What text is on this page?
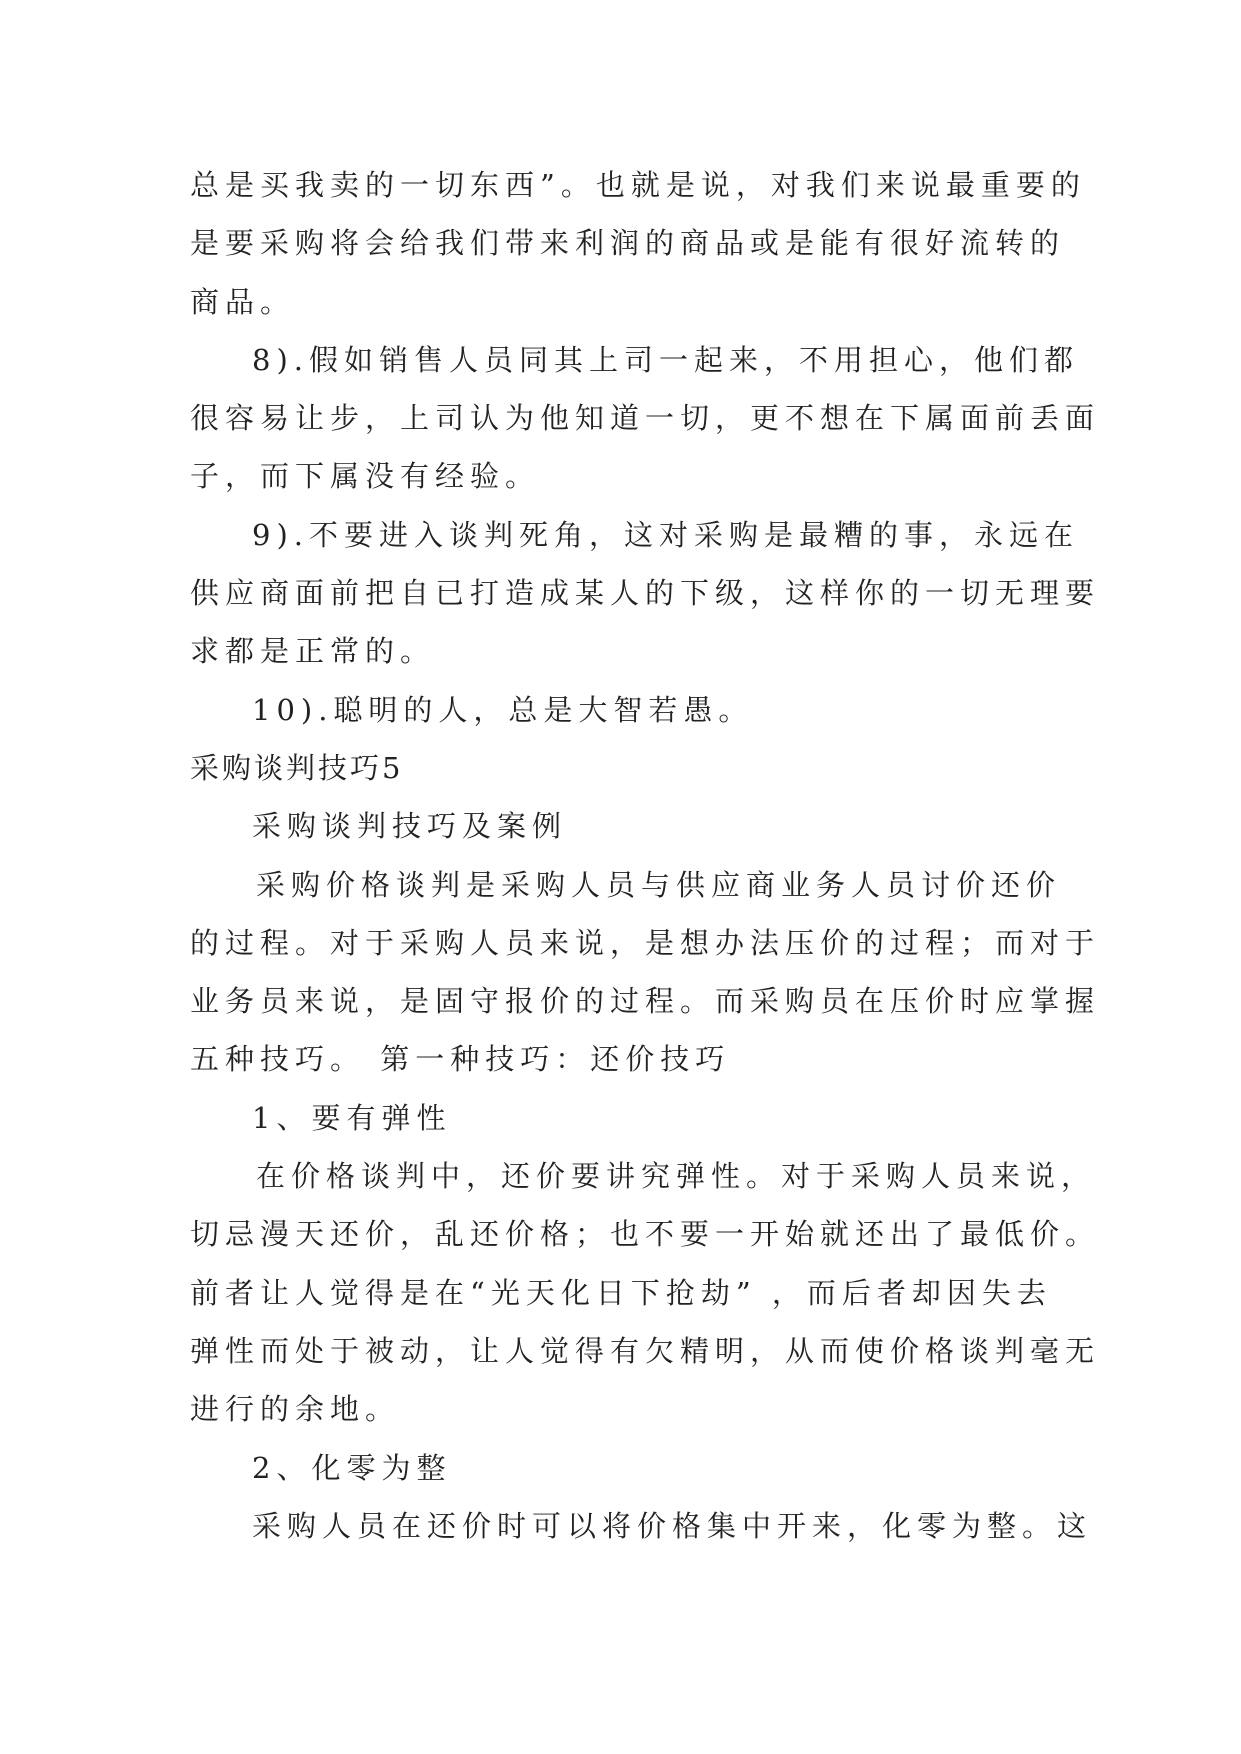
总是买我卖的一切东西”。也就是说，对我们来说最重要的
是要采购将会给我们带来利润的商品或是能有很好流转的
商品。
8).假如销售人员同其上司一起来，不用担心，他们都
很容易让步，上司认为他知道一切，更不想在下属面前丢面
子，而下属没有经验。
9).不要进入谈判死角，这对采购是最糟的事，永远在
供应商面前把自已打造成某人的下级，这样你的一切无理要
求都是正常的。
10).聪明的人，总是大智若愚。
采购谈判技巧5
采购谈判技巧及案例
采购价格谈判是采购人员与供应商业务人员讨价还价
的过程。对于采购人员来说，是想办法压价的过程；而对于
业务员来说，是固守报价的过程。而采购员在压价时应掌握
五种技巧。 第一种技巧：还价技巧
1、要有弹性
在价格谈判中，还价要讲究弹性。对于采购人员来说，
切忌漫天还价，乱还价格；也不要一开始就还出了最低价。
前者让人觉得是在“光天化日下抢劫” ，而后者却因失去
弹性而处于被动，让人觉得有欠精明，从而使价格谈判毫无
进行的余地。
2、化零为整
采购人员在还价时可以将价格集中开来，化零为整。这
